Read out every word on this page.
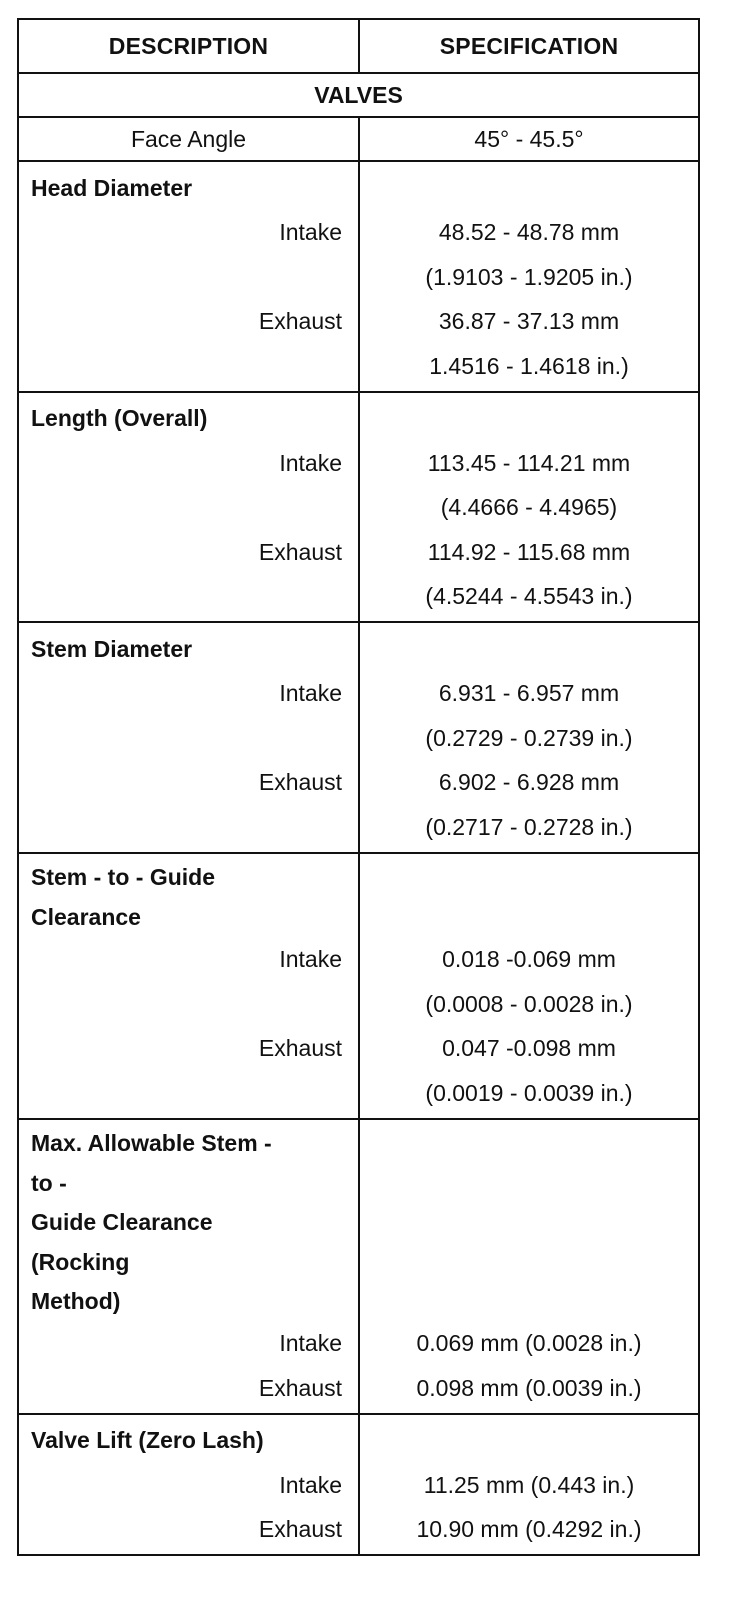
DESCRIPTION	SPECIFICATION
VALVES
Face Angle	45° - 45.5°
Head Diameter
Intake
Exhaust
48.52 - 48.78 mm
(1.9103 - 1.9205 in.)
36.87 - 37.13 mm
1.4516 - 1.4618 in.)
Length (Overall)
Intake
Exhaust
113.45 - 114.21 mm
(4.4666 - 4.4965)
114.92 - 115.68 mm
(4.5244 - 4.5543 in.)
Stem Diameter
Intake
Exhaust
6.931 - 6.957 mm
(0.2729 - 0.2739 in.)
6.902 - 6.928 mm
(0.2717 - 0.2728 in.)
Stem - to - Guide
Clearance
Intake
Exhaust
0.018 -0.069 mm
(0.0008 - 0.0028 in.)
0.047 -0.098 mm
(0.0019 - 0.0039 in.)
Max. Allowable Stem -
to -
Guide Clearance
(Rocking
Method)
Intake
Exhaust
0.069 mm (0.0028 in.)
0.098 mm (0.0039 in.)
Valve Lift (Zero Lash)
Intake
Exhaust
11.25 mm (0.443 in.)
10.90 mm (0.4292 in.)
